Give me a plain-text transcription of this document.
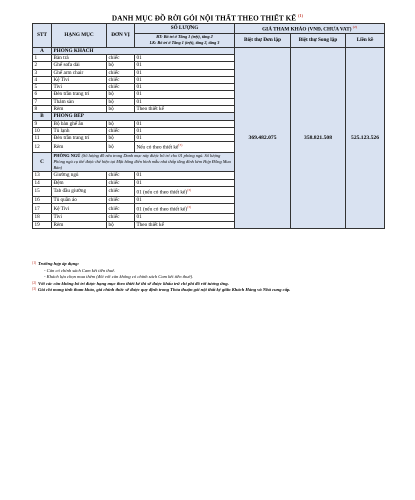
DANH MỤC ĐỒ RỜI GÓI NỘI THẤT THEO THIẾT KẾ $^{(1)}$
STT	HẠNG MỤC	ĐƠN VỊ	SỐ LƯỢNG	GIÁ THAM KHẢO (VNĐ, CHƯA VAT) $^{(2)}$
			BT: Bố trí ở Tầng 1 (trệt), tầng 2
LK: Bố trí ở Tầng 1 (trệt), tầng 2, tầng 3	Biệt thự Đơn lập	Biệt thự Song lập	Liền kề

A	PHÒNG KHÁCH			369.482.075	358.821.508	525.123.526
1	Bàn trà	chiếc	01			
2	Ghế sofa dài	bộ	01			
3	Ghế arm chair	chiếc	01			
4	Kệ Tivi	chiếc	01			
5	Tivi	chiếc	01			
6	Đèn trần trang trí	bộ	01			
7	Thảm sàn	bộ	01			
8	Rèm	bộ	Theo thiết kế			
B	PHÒNG BẾP					
9	Bộ bàn ghế ăn	bộ	01			
10	Tủ lạnh	chiếc	01			
11	Đèn trần trang trí	bộ	01			
12	Rèm	bộ	Nếu có theo thiết kế$^{(3)}$
C	PHÒNG NGỦ (Số lượng đồ nêu trong Danh mục này được bố trí cho 01 phòng ngủ. Số lượng Phòng ngủ cụ thể được thể hiện tại Mặt bằng điển hình mẫu nhà thấp tầng đính kèm Hợp Đồng Mua Bán)					
13	Giường ngủ	chiếc	01			
14	Đệm	chiếc	01			
15	Tab đầu giường	chiếc	01 (nếu có theo thiết kế)$^{(3)}$
16	Tủ quần áo	chiếc	01			
17	Kệ Tivi	chiếc	01 (nếu có theo thiết kế)$^{(3)}$
18	Tivi	chiếc	01			
19	Rèm	bộ	Theo thiết kế			
(1) Trường hợp áp dụng:
- Căn có chính sách Cam kết tiền thuê.
- Khách lựa chọn mua thêm (đối với căn không có chính sách Cam kết tiền thuê).
(2) Với các căn không bố trí được hạng mục theo thiết kế thì sẽ được khấu trừ chi phí đồ rời tương ứng.
(3) Giá chỉ mang tính tham khảo, giá chính thức sẽ được quy định trong Thỏa thuận gói nội thất ký giữa Khách Hàng và Nhà cung cấp.
